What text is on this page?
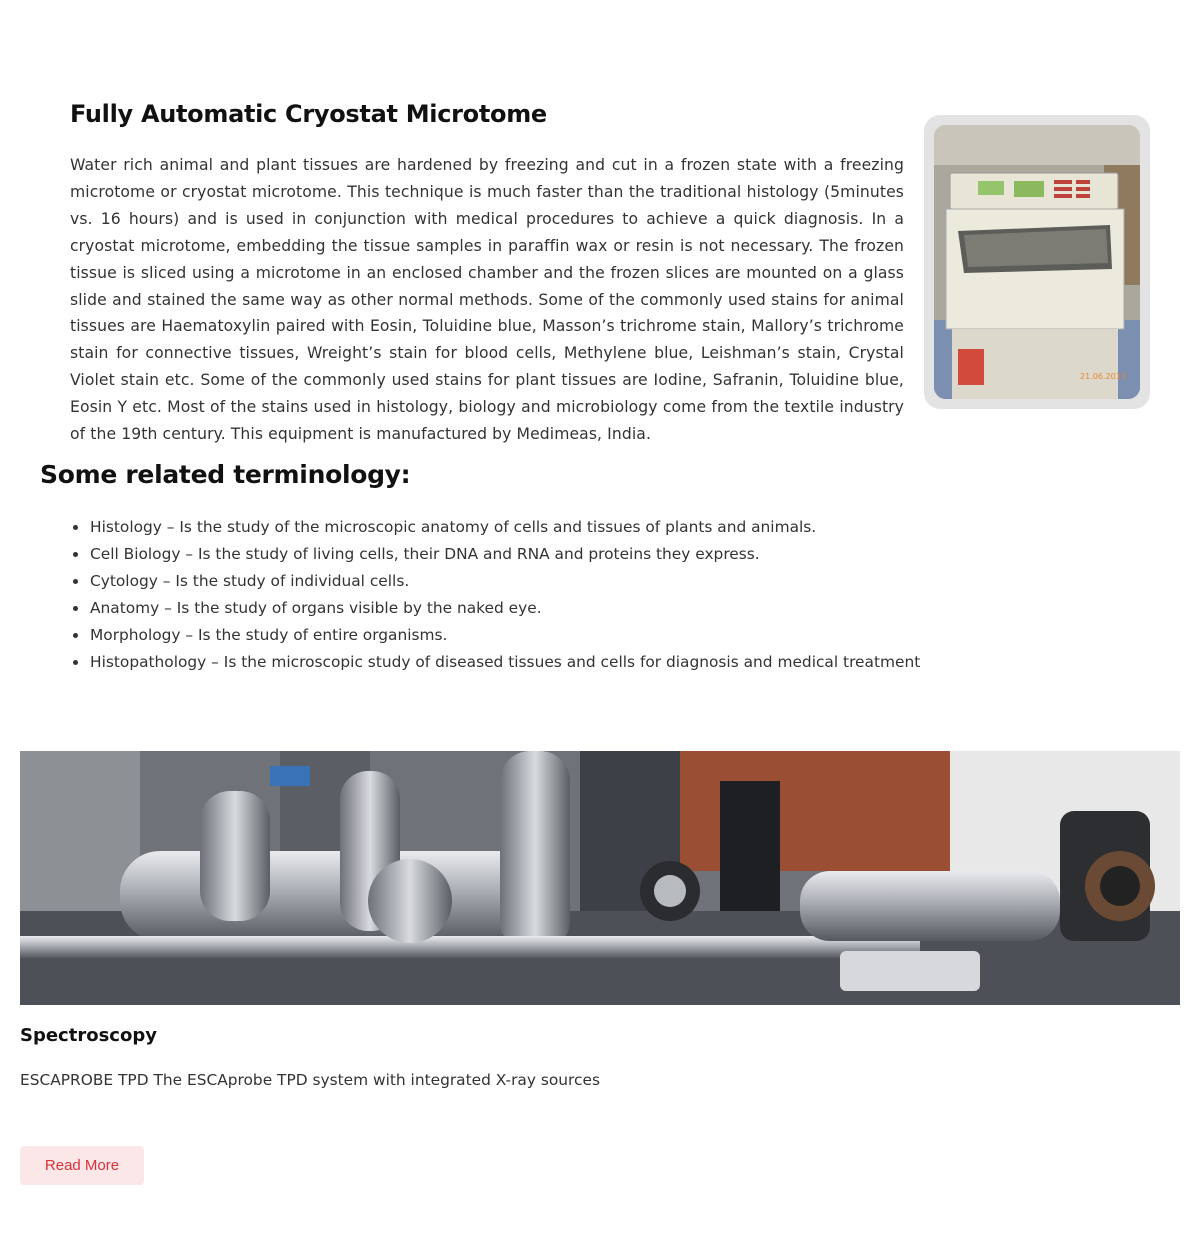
Fully Automatic Cryostat Microtome

Water rich animal and plant tissues are hardened by freezing and cut in a frozen state with a freezing microtome or cryostat microtome. This technique is much faster than the traditional histology (5minutes vs. 16 hours) and is used in conjunction with medical procedures to achieve a quick diagnosis. In a cryostat microtome, embedding the tissue samples in paraffin wax or resin is not necessary. The frozen tissue is sliced using a microtome in an enclosed chamber and the frozen slices are mounted on a glass slide and stained the same way as other normal methods. Some of the commonly used stains for animal tissues are Haematoxylin paired with Eosin, Toluidine blue, Masson’s trichrome stain, Mallory’s trichrome stain for connective tissues, Wreight’s stain for blood cells, Methylene blue, Leishman’s stain, Crystal Violet stain etc. Some of the commonly used stains for plant tissues are Iodine, Safranin, Toluidine blue, Eosin Y etc. Most of the stains used in histology, biology and microbiology come from the textile industry of the 19th century. This equipment is manufactured by Medimeas, India.

21.06.2013
Some related terminology:
Histology – Is the study of the microscopic anatomy of cells and tissues of plants and animals.
Cell Biology – Is the study of living cells, their DNA and RNA and proteins they express.
Cytology – Is the study of individual cells.
Anatomy – Is the study of organs visible by the naked eye.
Morphology – Is the study of entire organisms.
Histopathology – Is the microscopic study of diseased tissues and cells for diagnosis and medical treatment
Spectroscopy

ESCAPROBE TPD The ESCAprobe TPD system with integrated X-ray sources

Read More
